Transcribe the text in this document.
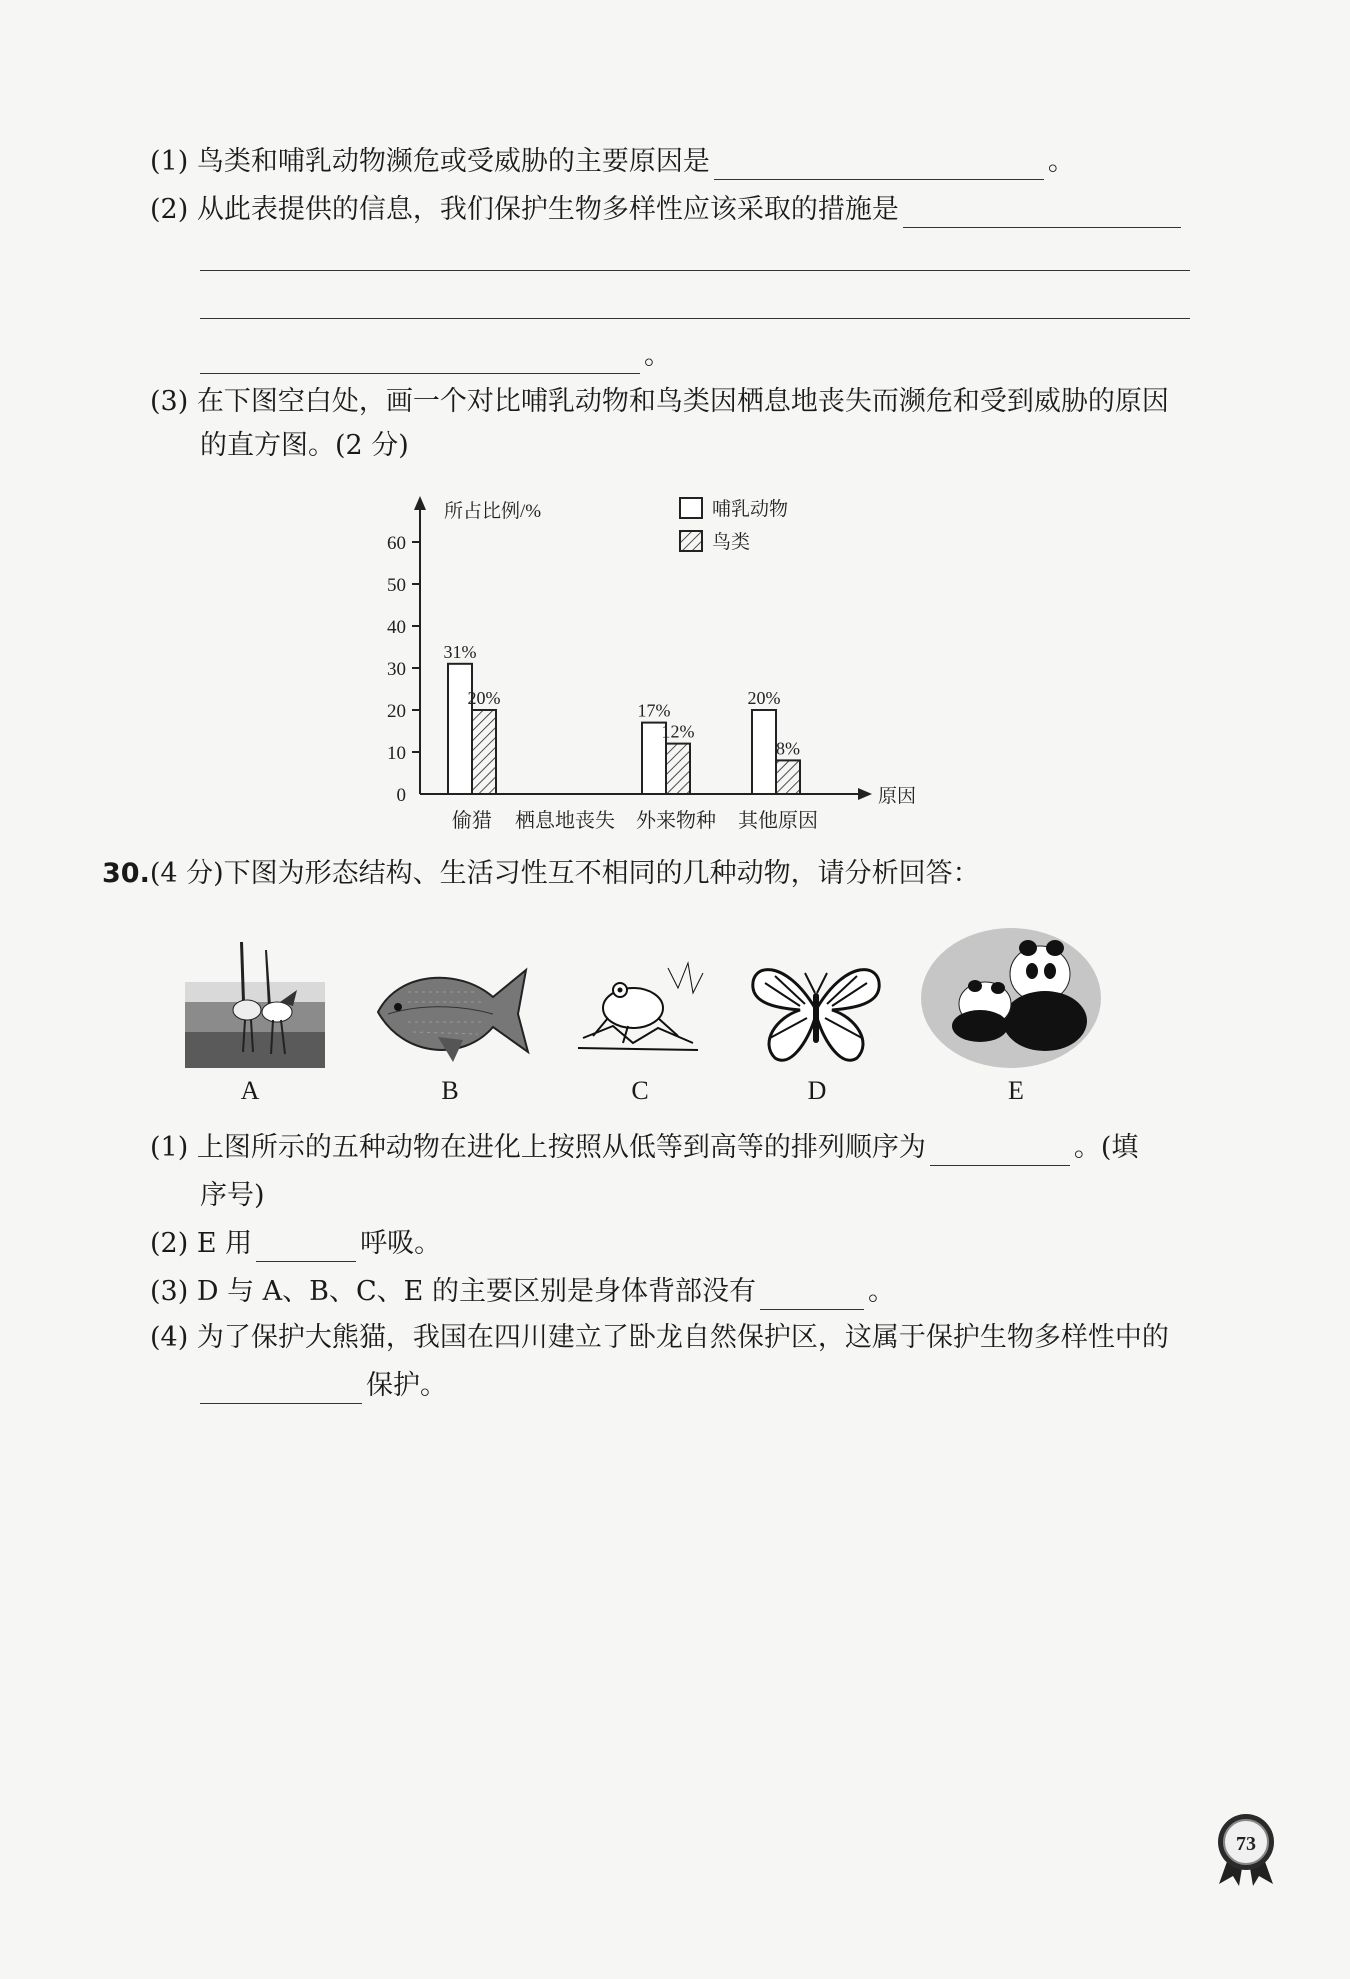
(1) 鸟类和哺乳动物濒危或受威胁的主要原因是	。
(2) 从此表提供的信息，我们保护生物多样性应该采取的措施是
。
(3) 在下图空白处，画一个对比哺乳动物和鸟类因栖息地丧失而濒危和受到威胁的原因
的直方图。(2 分)
0
10
20
30
40
50
60
所占比例/%
原因
31%
20%
17%
12%
20%
8%
偷猎 栖息地丧失 外来物种 其他原因
哺乳动物
鸟类
30.(4 分)下图为形态结构、生活习性互不相同的几种动物，请分析回答：
A	B	C	D	E
(1) 上图所示的五种动物在进化上按照从低等到高等的排列顺序为	。(填
序号)
(2) E 用	呼吸。
(3) D 与 A、B、C、E 的主要区别是身体背部没有	。
(4) 为了保护大熊猫，我国在四川建立了卧龙自然保护区，这属于保护生物多样性中的
保护。
73
